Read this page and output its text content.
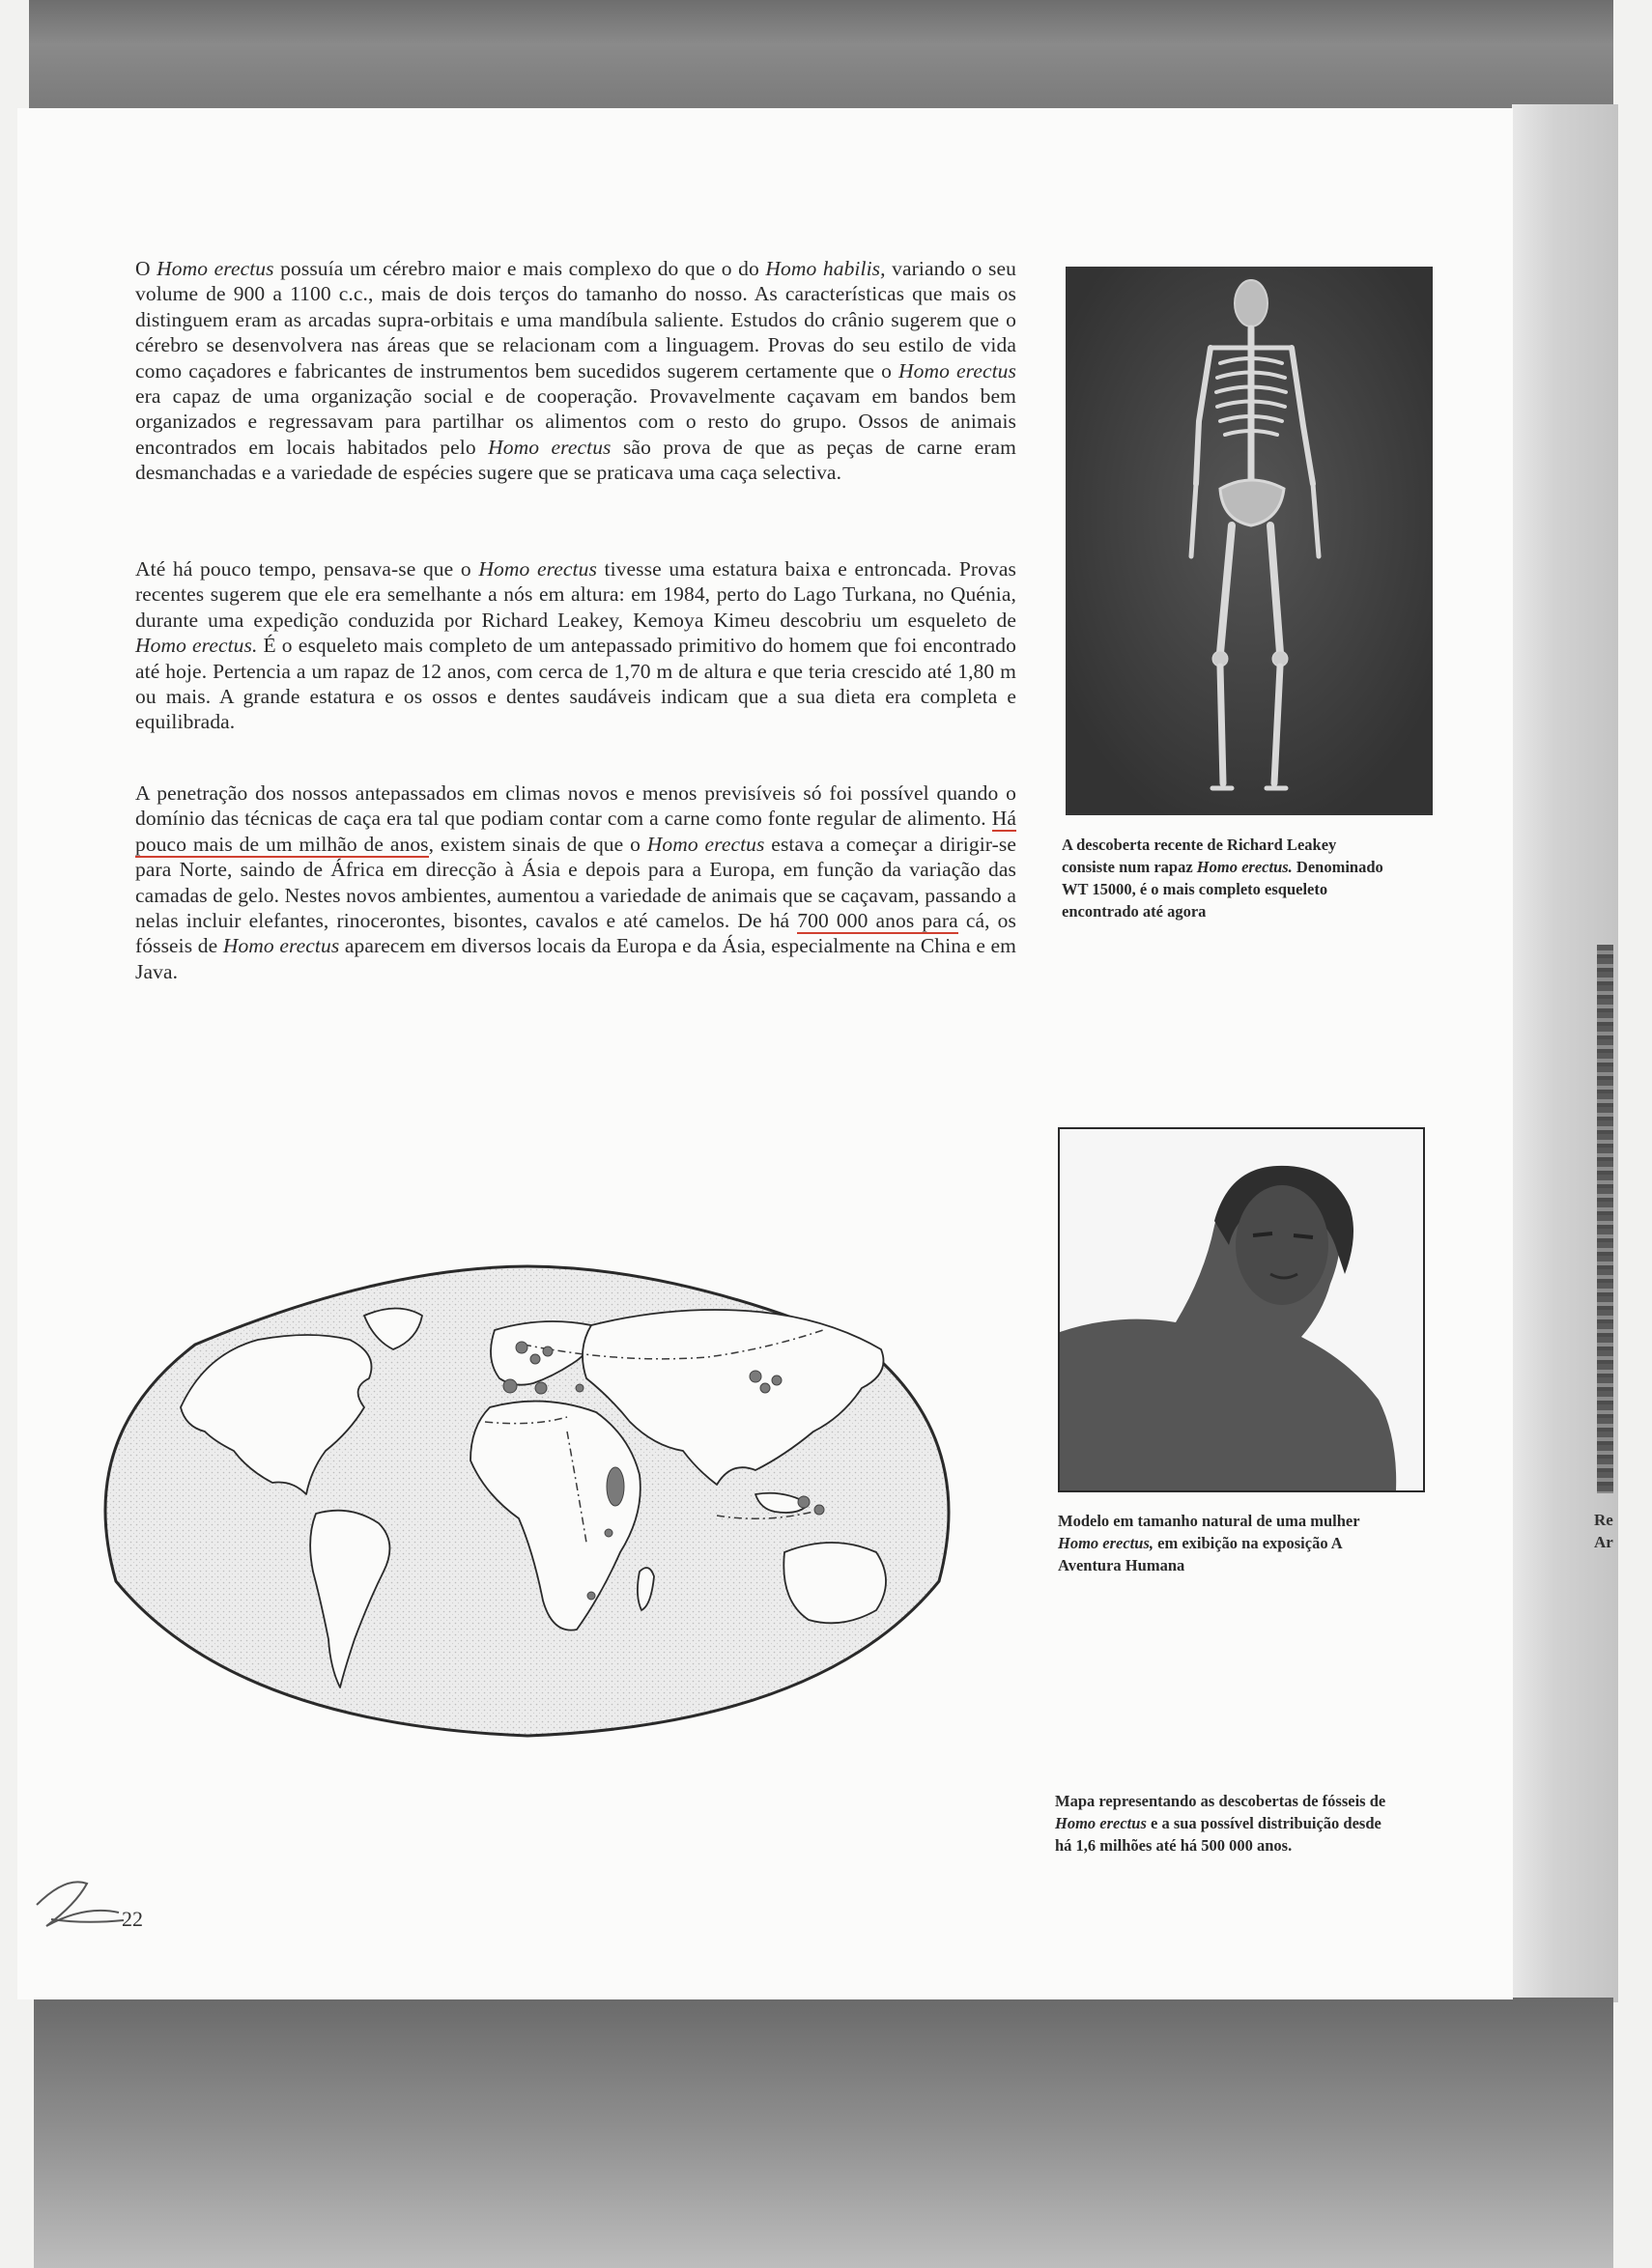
Re
Ar

O Homo erectus possuía um cérebro maior e mais complexo do que o do Homo habilis, variando o seu volume de 900 a 1100 c.c., mais de dois terços do tamanho do nosso. As características que mais os distinguem eram as arcadas supra-orbitais e uma mandíbula saliente. Estudos do crânio sugerem que o cérebro se desenvolvera nas áreas que se relacionam com a linguagem. Provas do seu estilo de vida como caçadores e fabricantes de instrumentos bem sucedidos sugerem certamente que o Homo erectus era capaz de uma organização social e de cooperação. Provavelmente caçavam em bandos bem organizados e regressavam para partilhar os alimentos com o resto do grupo. Ossos de animais encontrados em locais habitados pelo Homo erectus são prova de que as peças de carne eram desmanchadas e a variedade de espécies sugere que se praticava uma caça selectiva.

Até há pouco tempo, pensava-se que o Homo erectus tivesse uma estatura baixa e entroncada. Provas recentes sugerem que ele era semelhante a nós em altura: em 1984, perto do Lago Turkana, no Quénia, durante uma expedição conduzida por Richard Leakey, Kemoya Kimeu descobriu um esqueleto de Homo erectus. É o esqueleto mais completo de um antepassado primitivo do homem que foi encontrado até hoje. Pertencia a um rapaz de 12 anos, com cerca de 1,70 m de altura e que teria crescido até 1,80 m ou mais. A grande estatura e os ossos e dentes saudáveis indicam que a sua dieta era completa e equilibrada.

A penetração dos nossos antepassados em climas novos e menos previsíveis só foi possível quando o domínio das técnicas de caça era tal que podiam contar com a carne como fonte regular de alimento. Há pouco mais de um milhão de anos, existem sinais de que o Homo erectus estava a começar a dirigir-se para Norte, saindo de África em direcção à Ásia e depois para a Europa, em função da variação das camadas de gelo. Nestes novos ambientes, aumentou a variedade de animais que se caçavam, passando a nelas incluir elefantes, rinocerontes, bisontes, cavalos e até camelos. De há 700 000 anos para cá, os fósseis de Homo erectus aparecem em diversos locais da Europa e da Ásia, especialmente na China e em Java.

A descoberta recente de Richard Leakey consiste num rapaz Homo erectus. Denominado WT 15000, é o mais completo esqueleto encontrado até agora
Modelo em tamanho natural de uma mulher Homo erectus, em exibição na exposição A Aventura Humana
Mapa representando as descobertas de fósseis de Homo erectus e a sua possível distribuição desde há 1,6 milhões até há 500 000 anos.
22
